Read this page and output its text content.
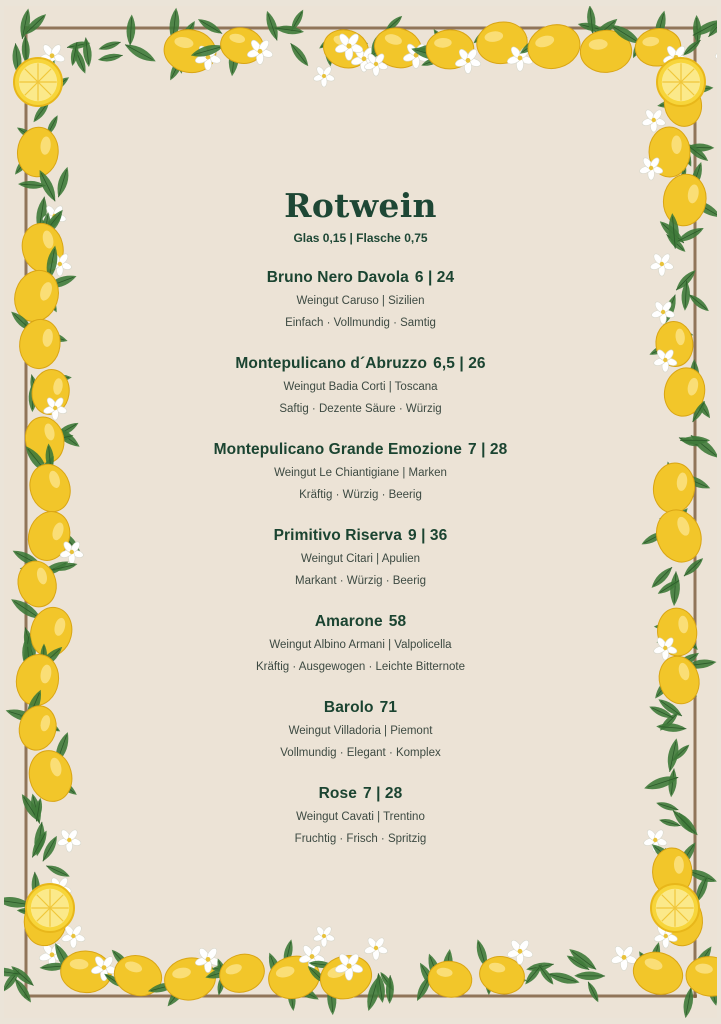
Rotwein
Glas 0,15 | Flasche 0,75
Bruno Nero Davola 6 | 24
Weingut Caruso | Sizilien
Einfach · Vollmundig · Samtig
Montepulicano d´Abruzzo 6,5 | 26
Weingut Badia Corti | Toscana
Saftig · Dezente Säure · Würzig
Montepulicano Grande Emozione 7 | 28
Weingut Le Chiantigiane | Marken
Kräftig · Würzig · Beerig
Primitivo Riserva 9 | 36
Weingut Citari | Apulien
Markant · Würzig · Beerig
Amarone 58
Weingut Albino Armani | Valpolicella
Kräftig · Ausgewogen · Leichte Bitternote
Barolo 71
Weingut Villadoria | Piemont
Vollmundig · Elegant · Komplex
Rose 7 | 28
Weingut Cavati | Trentino
Fruchtig · Frisch · Spritzig
